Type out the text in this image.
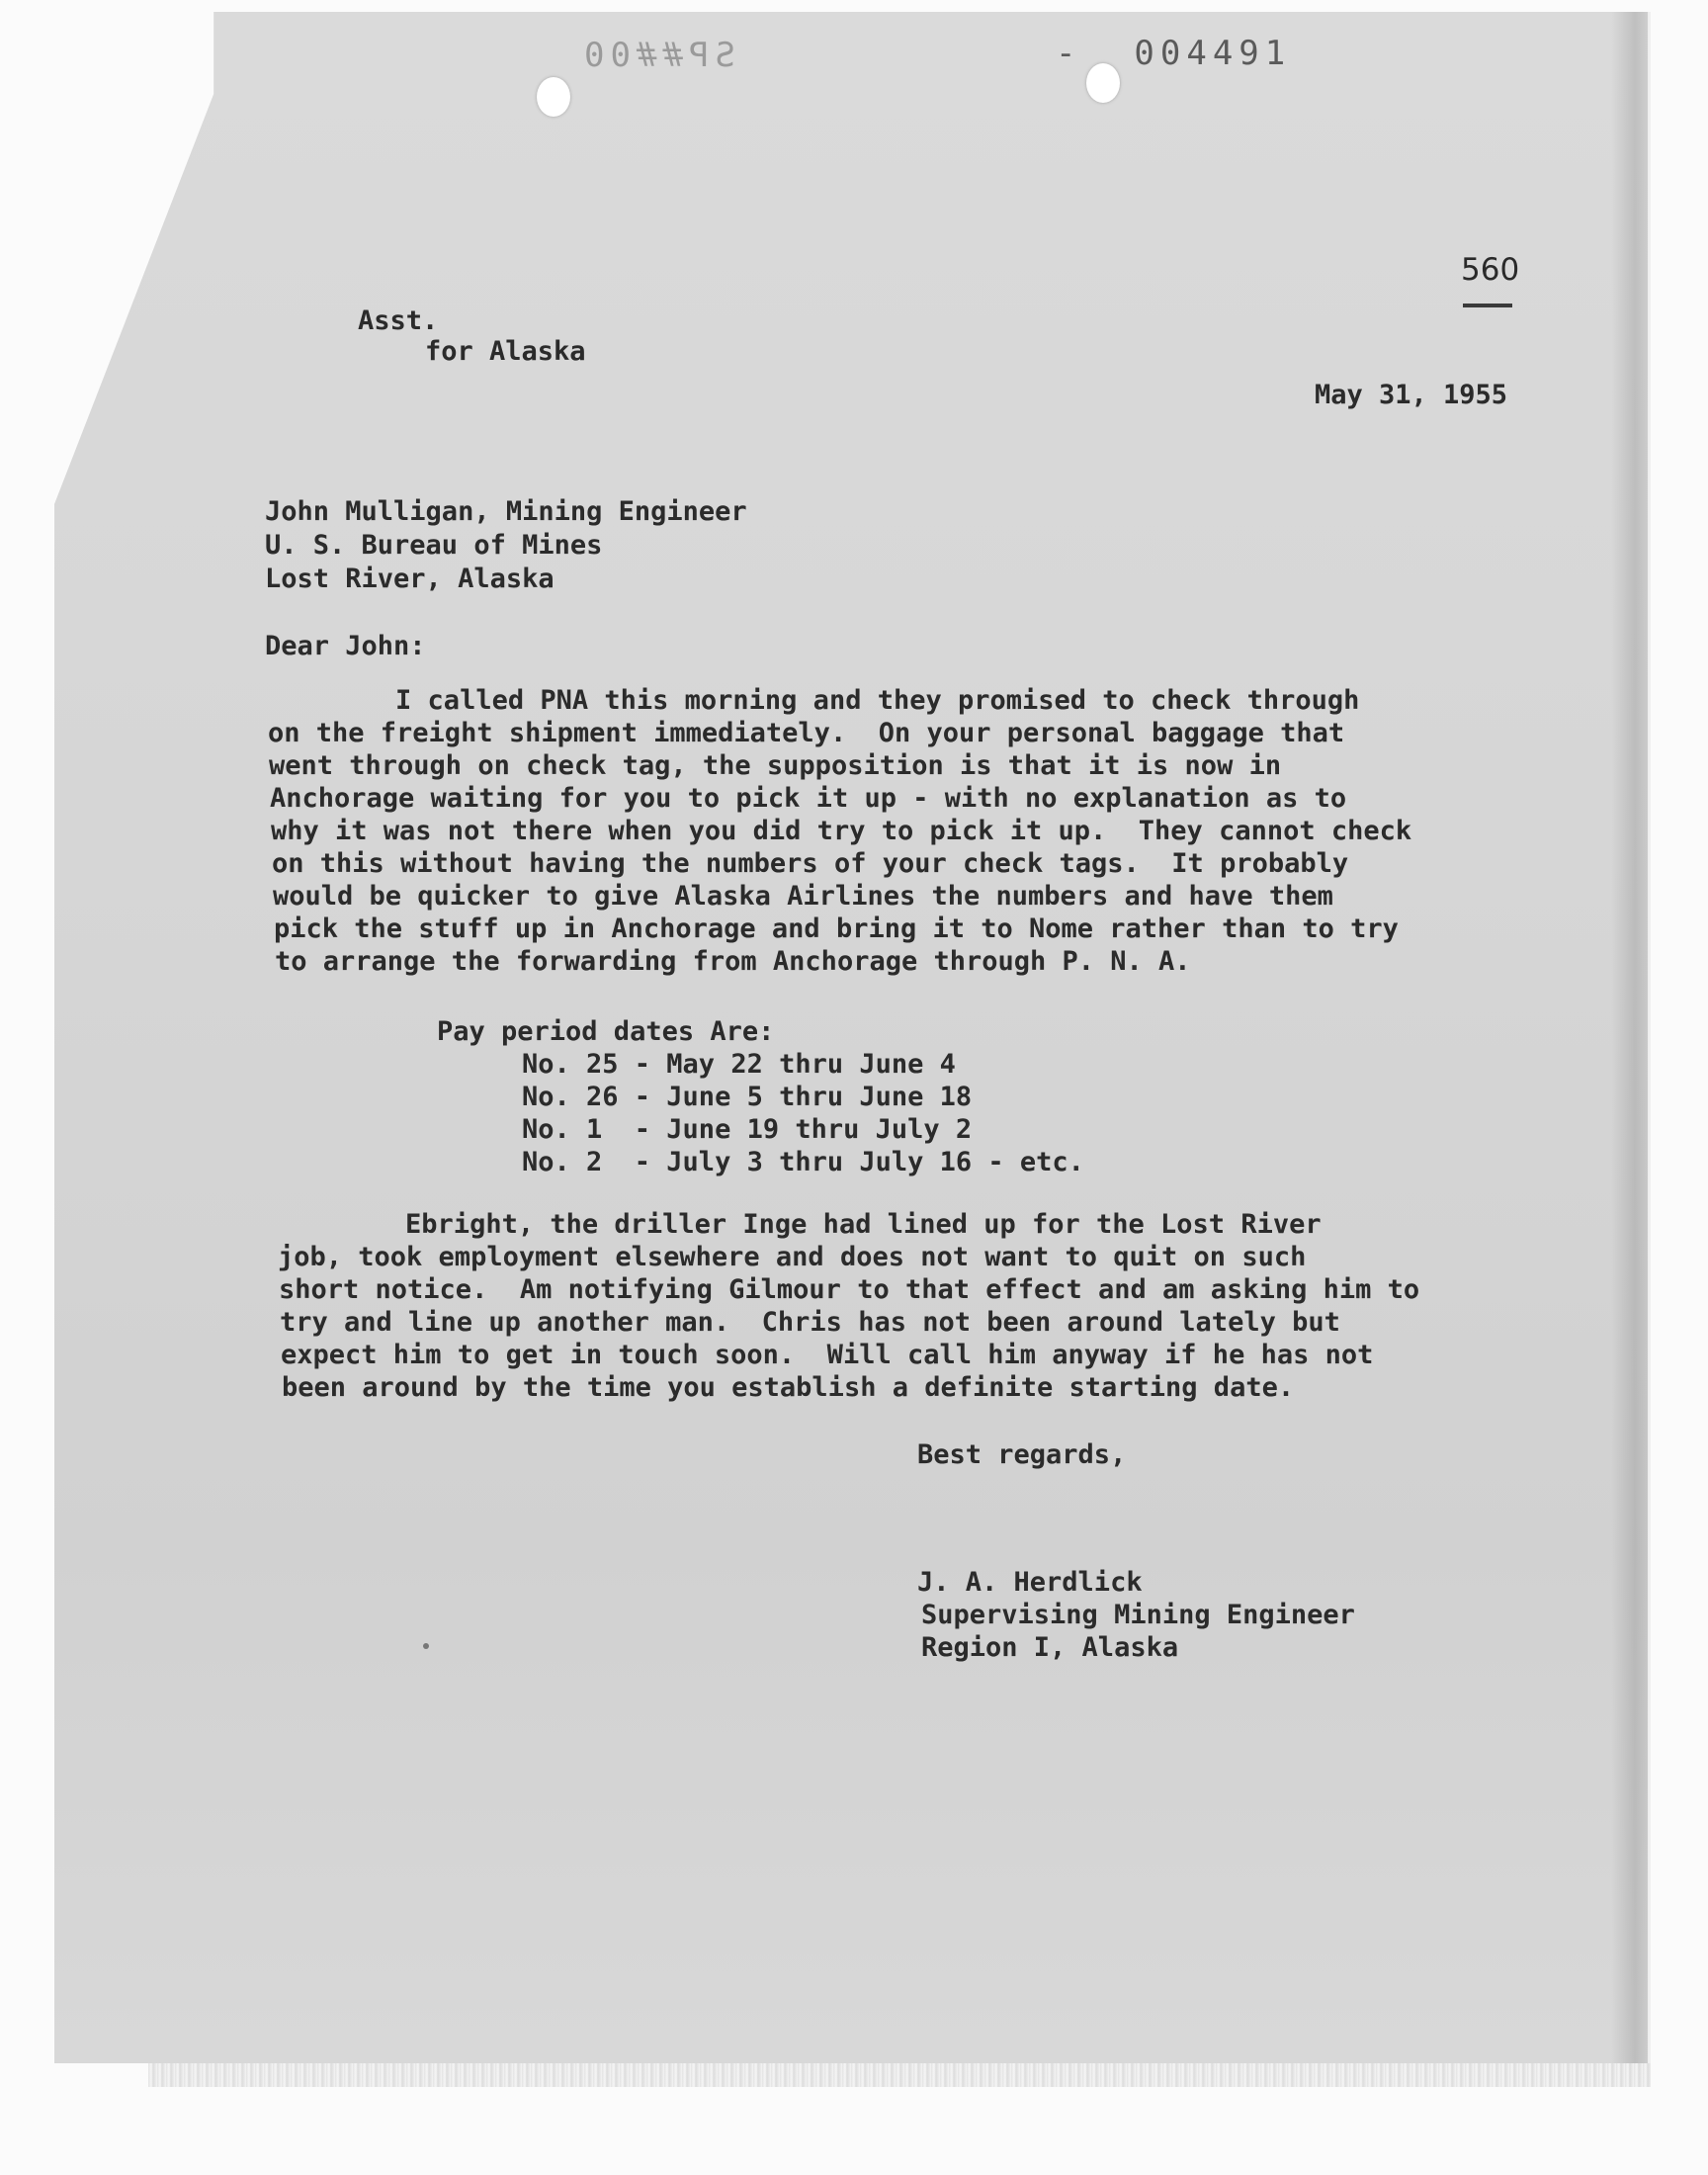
SP##00	-  004491
560
Asst.
for Alaska
May 31, 1955
John Mulligan, Mining Engineer
U. S. Bureau of Mines
Lost River, Alaska
Dear John:
I called PNA this morning and they promised to check through
on the freight shipment immediately.  On your personal baggage that
went through on check tag, the supposition is that it is now in
Anchorage waiting for you to pick it up - with no explanation as to
why it was not there when you did try to pick it up.  They cannot check
on this without having the numbers of your check tags.  It probably
would be quicker to give Alaska Airlines the numbers and have them
pick the stuff up in Anchorage and bring it to Nome rather than to try
to arrange the forwarding from Anchorage through P. N. A.
Pay period dates Are:
No. 25 - May 22 thru June 4
No. 26 - June 5 thru June 18
No. 1  - June 19 thru July 2
No. 2  - July 3 thru July 16 - etc.
Ebright, the driller Inge had lined up for the Lost River
job, took employment elsewhere and does not want to quit on such
short notice.  Am notifying Gilmour to that effect and am asking him to
try and line up another man.  Chris has not been around lately but
expect him to get in touch soon.  Will call him anyway if he has not
been around by the time you establish a definite starting date.
Best regards,
J. A. Herdlick
Supervising Mining Engineer
Region I, Alaska
